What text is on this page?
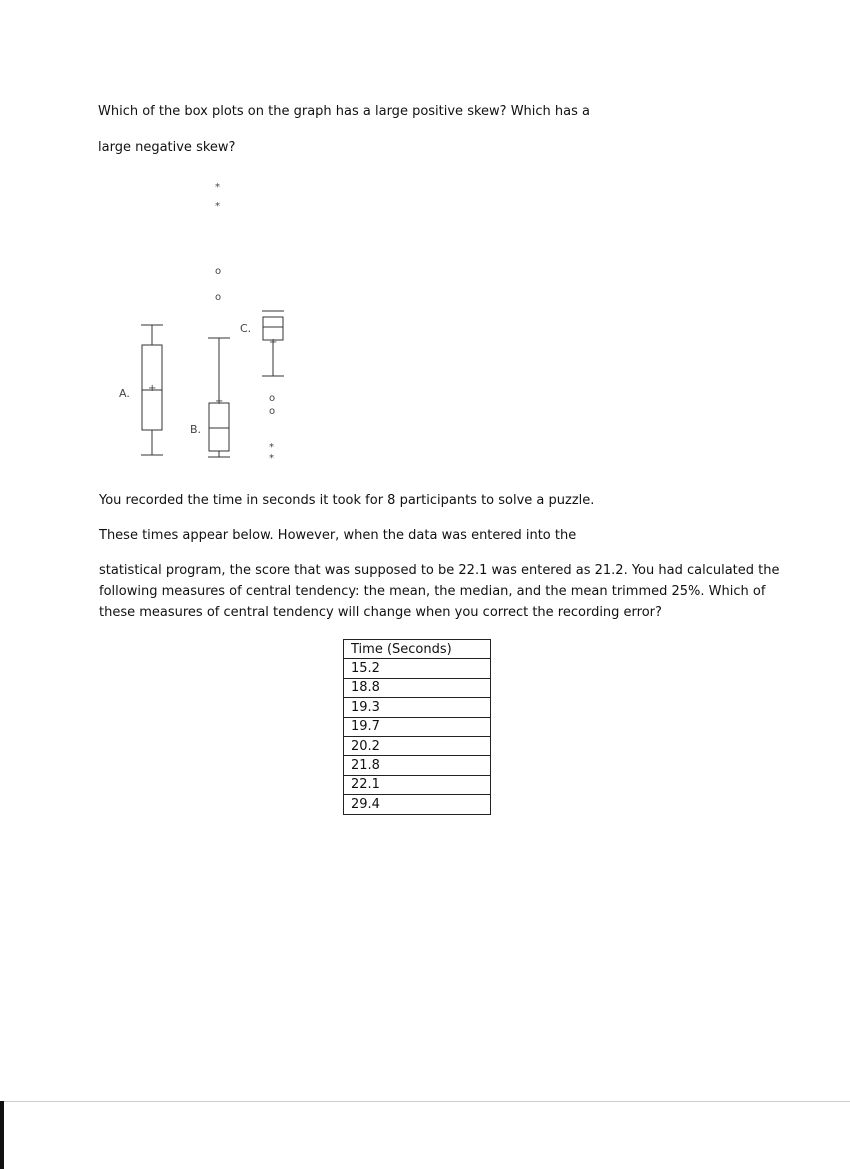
Which of the box plots on the graph has a large positive skew? Which has a
large negative skew?
A. +
B.
+
*
*
o
o
C.
+
o
o
*
*
You recorded the time in seconds it took for 8 participants to solve a puzzle.
These times appear below. However, when the data was entered into the
statistical program, the score that was supposed to be 22.1 was entered as 21.2. You had calculated the
following measures of central tendency: the mean, the median, and the mean trimmed 25%. Which of
these measures of central tendency will change when you correct the recording error?
Time (Seconds)
15.2
18.8
19.3
19.7
20.2
21.8
22.1
29.4
